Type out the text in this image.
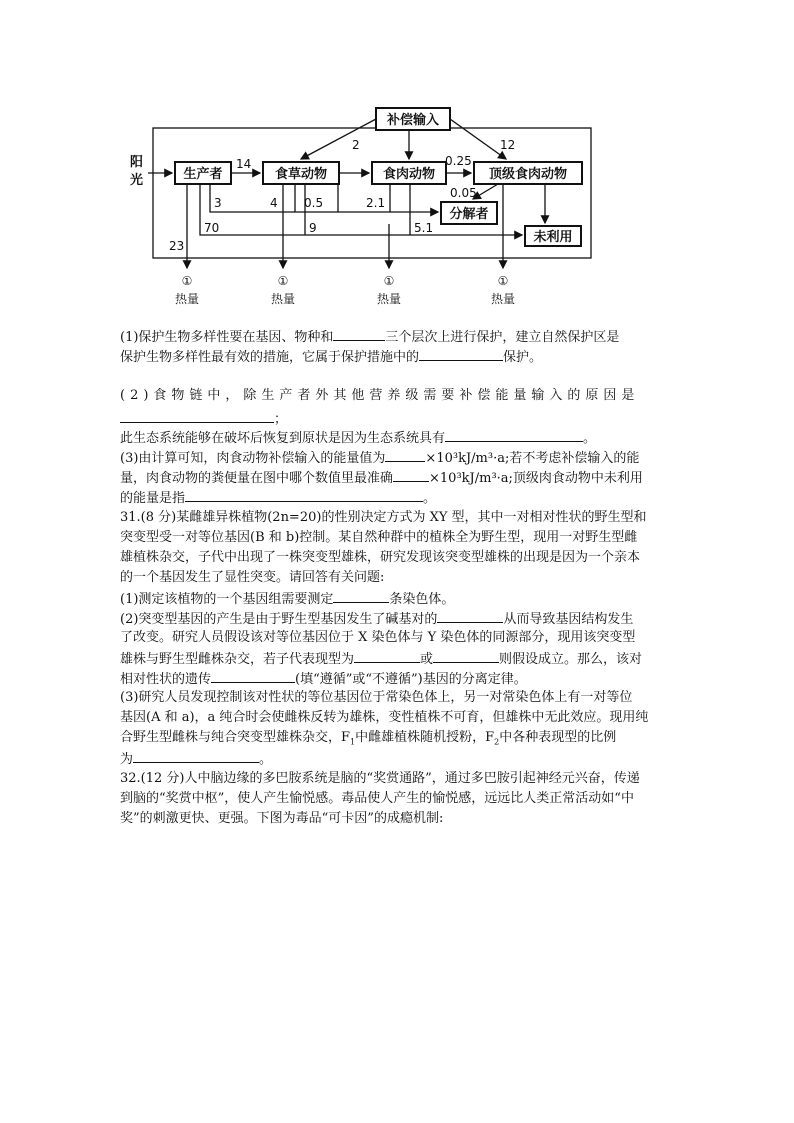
补偿输入
生产者	食草动物	食肉动物	顶级食肉动物
分解者
未利用
阳
光
2	12
14	0.25
0.05
3	4 0.5	2.1
70	9	5.1
23
①
热量
①
热量
①
热量
①
热量
(1)保护生物多样性要在基因、物种和	三个层次上进行保护，建立自然保护区是
保护生物多样性最有效的措施，它属于保护措施中的	保护。
(2)食物链中，除生产者外其他营养级需要补偿能量输入的原因是
；
此生态系统能够在破坏后恢复到原状是因为生态系统具有	。
(3)由计算可知，肉食动物补偿输入的能量值为	×10³kJ/m³·a;若不考虑补偿输入的能
量，肉食动物的粪便量在图中哪个数值里最准确	×10³kJ/m³·a;顶级肉食动物中未利用
的能量是指	。
31.(8 分)某雌雄异株植物(2n=20)的性别决定方式为 XY 型，其中一对相对性状的野生型和
突变型受一对等位基因(B 和 b)控制。某自然种群中的植株全为野生型，现用一对野生型雌
雄植株杂交，子代中出现了一株突变型雄株，研究发现该突变型雄株的出现是因为一个亲本
的一个基因发生了显性突变。请回答有关问题:
(1)测定该植物的一个基因组需要测定	条染色体。
(2)突变型基因的产生是由于野生型基因发生了碱基对的	从而导致基因结构发生
了改变。研究人员假设该对等位基因位于 X 染色体与 Y 染色体的同源部分，现用该突变型
雄株与野生型雌株杂交，若子代表现型为	或	则假设成立。那么，该对
相对性状的遗传	(填“遵循”或“不遵循”)基因的分离定律。
(3)研究人员发现控制该对性状的等位基因位于常染色体上，另一对常染色体上有一对等位
基因(A 和 a)，a 纯合时会使雌株反转为雄株，变性植株不可育，但雄株中无此效应。现用纯
合野生型雌株与纯合突变型雄株杂交，$F_1$中雌雄植株随机授粉，$F_2$中各种表现型的比例
为	。
32.(12 分)人中脑边缘的多巴胺系统是脑的“奖赏通路”，通过多巴胺引起神经元兴奋，传递
到脑的“奖赏中枢”，使人产生愉悦感。毒品使人产生的愉悦感，远远比人类正常活动如“中
奖”的刺激更快、更强。下图为毒品“可卡因”的成瘾机制:
